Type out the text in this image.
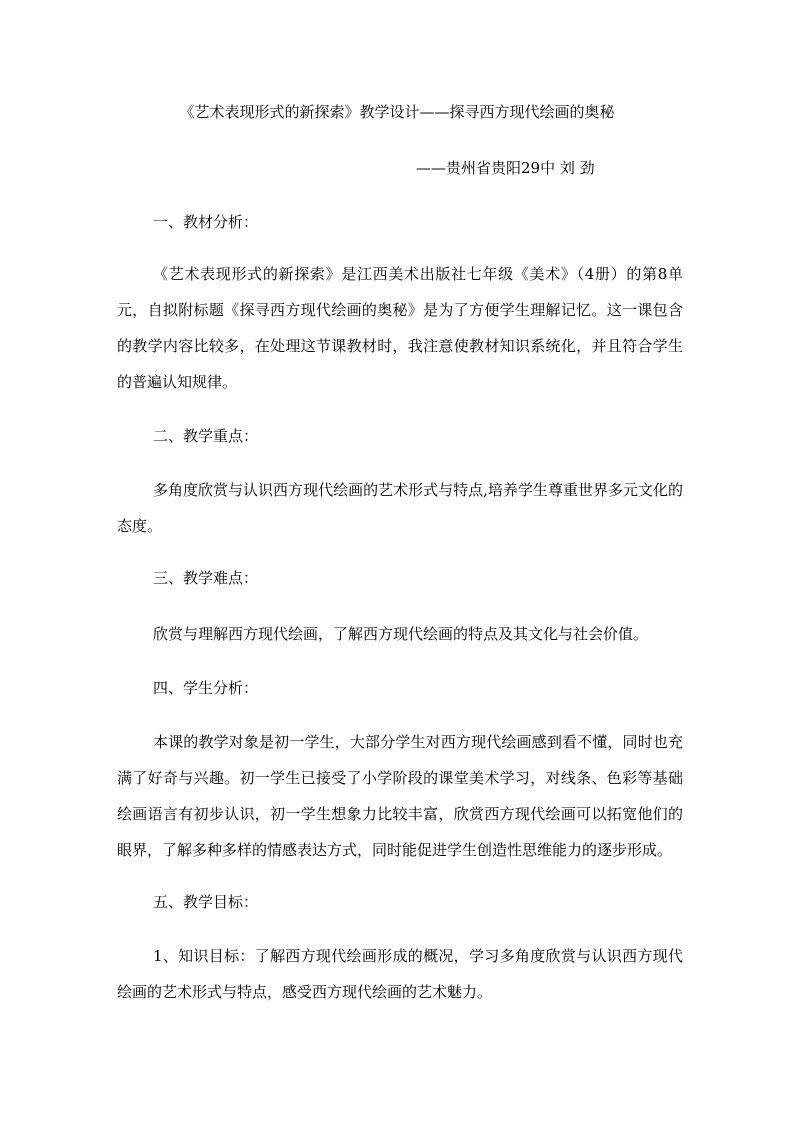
《艺术表现形式的新探索》教学设计——探寻西方现代绘画的奥秘
——贵州省贵阳29中 刘 劲
一、教材分析：

《艺术表现形式的新探索》是江西美术出版社七年级《美术》（4册）的第8单元，自拟附标题《探寻西方现代绘画的奥秘》是为了方便学生理解记忆。这一课包含的教学内容比较多，在处理这节课教材时，我注意使教材知识系统化，并且符合学生的普遍认知规律。

二、教学重点：

多角度欣赏与认识西方现代绘画的艺术形式与特点,培养学生尊重世界多元文化的态度。

三、教学难点：

欣赏与理解西方现代绘画，了解西方现代绘画的特点及其文化与社会价值。

四、学生分析：

本课的教学对象是初一学生，大部分学生对西方现代绘画感到看不懂，同时也充满了好奇与兴趣。初一学生已接受了小学阶段的课堂美术学习，对线条、色彩等基础绘画语言有初步认识，初一学生想象力比较丰富，欣赏西方现代绘画可以拓宽他们的眼界，了解多种多样的情感表达方式，同时能促进学生创造性思维能力的逐步形成。

五、教学目标：

1、知识目标：了解西方现代绘画形成的概况，学习多角度欣赏与认识西方现代绘画的艺术形式与特点，感受西方现代绘画的艺术魅力。
